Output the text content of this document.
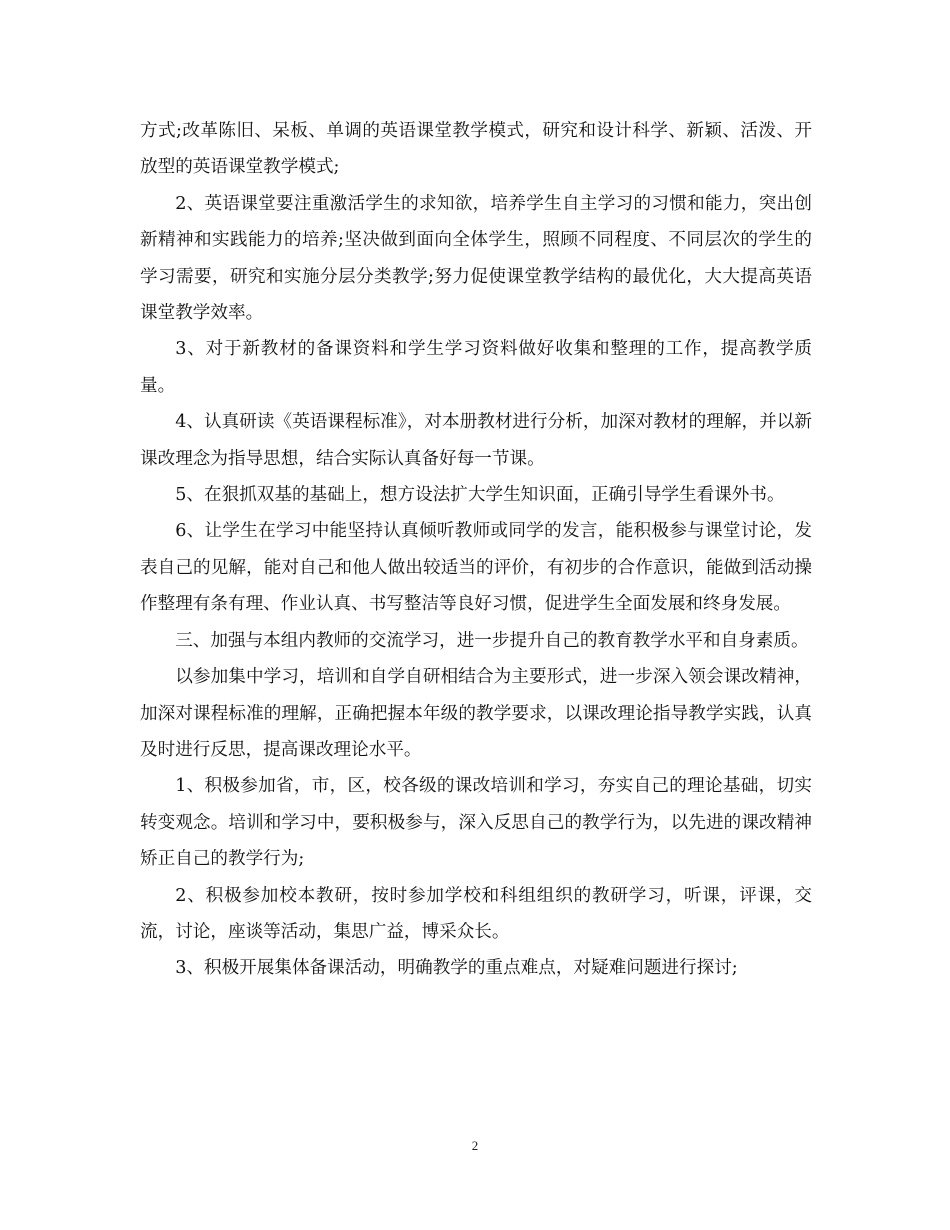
方式;改革陈旧、呆板、单调的英语课堂教学模式，研究和设计科学、新颖、活泼、开放型的英语课堂教学模式;

2、英语课堂要注重激活学生的求知欲，培养学生自主学习的习惯和能力，突出创新精神和实践能力的培养;坚决做到面向全体学生，照顾不同程度、不同层次的学生的学习需要，研究和实施分层分类教学;努力促使课堂教学结构的最优化，大大提高英语课堂教学效率。

3、对于新教材的备课资料和学生学习资料做好收集和整理的工作，提高教学质量。

4、认真研读《英语课程标准》，对本册教材进行分析，加深对教材的理解，并以新课改理念为指导思想，结合实际认真备好每一节课。

5、在狠抓双基的基础上，想方设法扩大学生知识面，正确引导学生看课外书。

6、让学生在学习中能坚持认真倾听教师或同学的发言，能积极参与课堂讨论，发表自己的见解，能对自己和他人做出较适当的评价，有初步的合作意识，能做到活动操作整理有条有理、作业认真、书写整洁等良好习惯，促进学生全面发展和终身发展。

三、加强与本组内教师的交流学习，进一步提升自己的教育教学水平和自身素质。

以参加集中学习，培训和自学自研相结合为主要形式，进一步深入领会课改精神，加深对课程标准的理解，正确把握本年级的教学要求，以课改理论指导教学实践，认真及时进行反思，提高课改理论水平。

1、积极参加省，市，区，校各级的课改培训和学习，夯实自己的理论基础，切实转变观念。培训和学习中，要积极参与，深入反思自己的教学行为，以先进的课改精神矫正自己的教学行为;

2、积极参加校本教研，按时参加学校和科组组织的教研学习，听课，评课，交流，讨论，座谈等活动，集思广益，博采众长。

3、积极开展集体备课活动，明确教学的重点难点，对疑难问题进行探讨;

2
